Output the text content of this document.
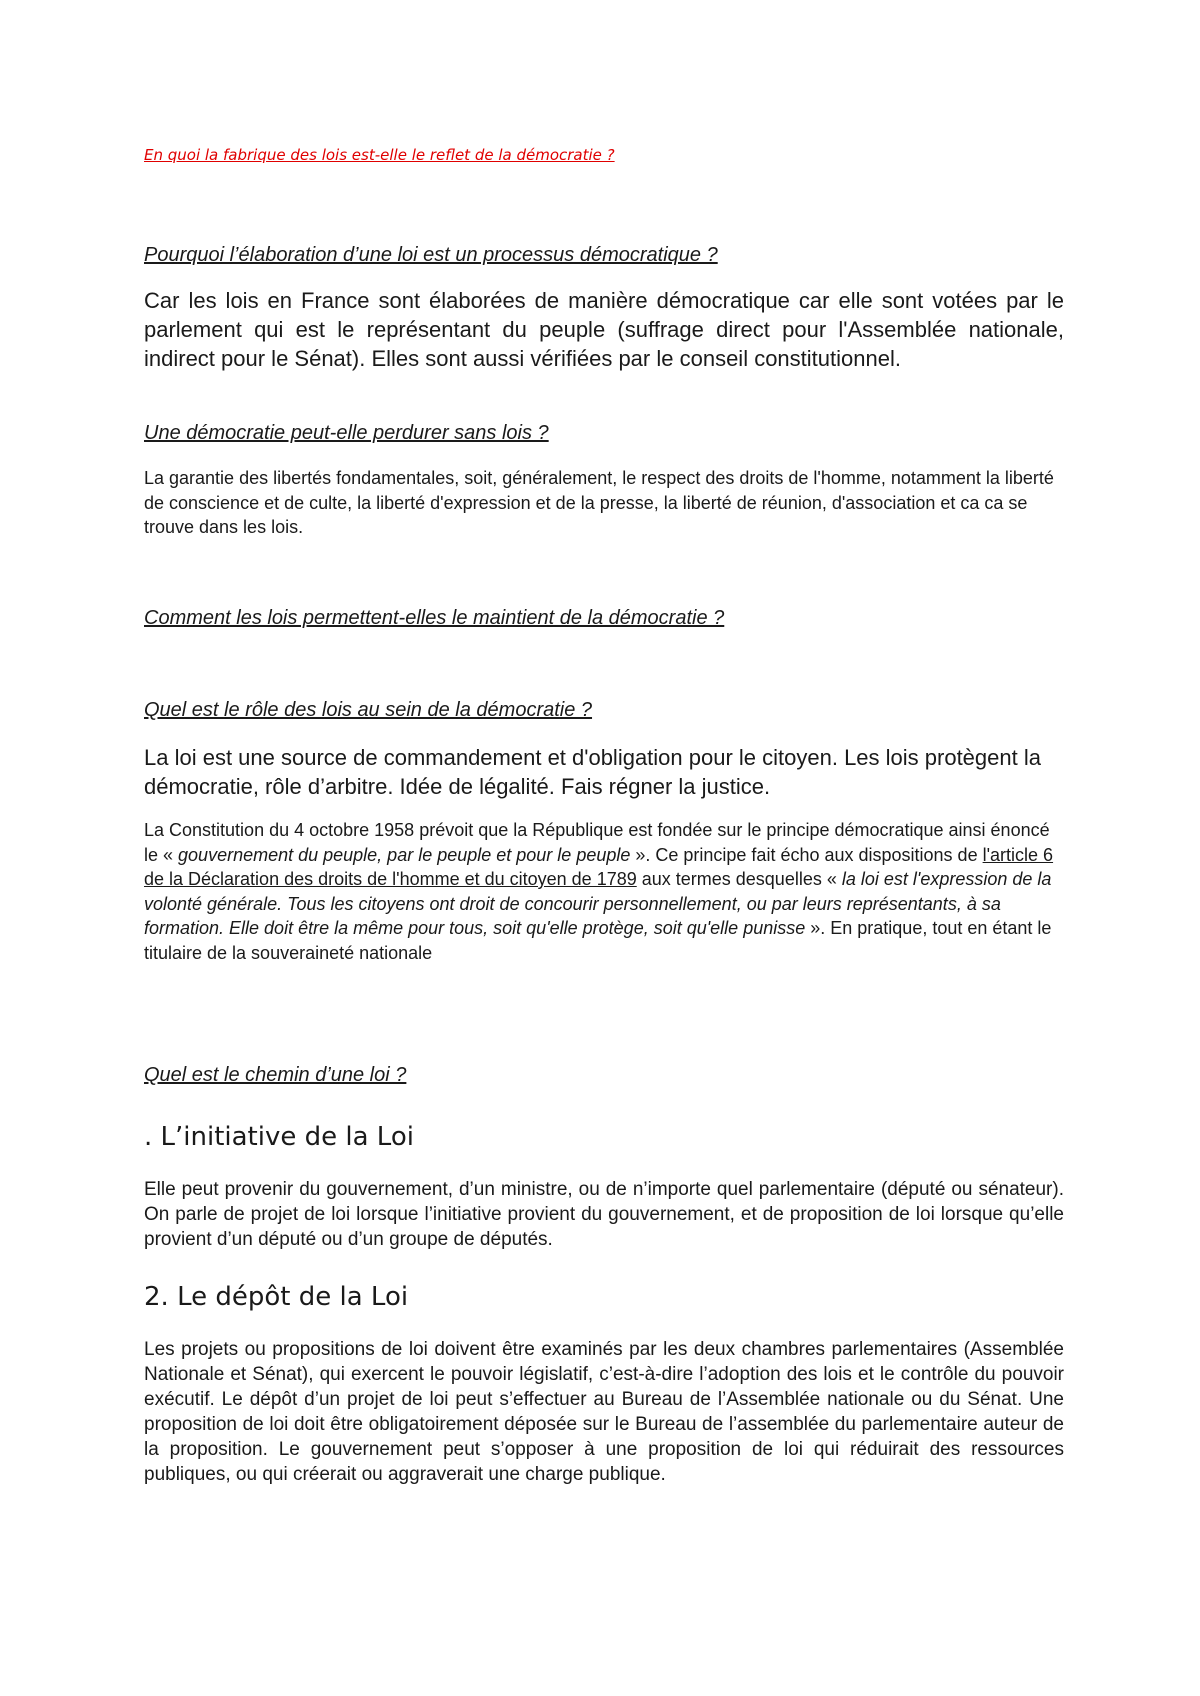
En quoi la fabrique des lois est-elle le reflet de la démocratie ?

Pourquoi l’élaboration d’une loi est un processus démocratique ?

Car les lois en France sont élaborées de manière démocratique car elle sont votées par le parlement qui est le représentant du peuple (suffrage direct pour l'Assemblée nationale, indirect pour le Sénat). Elles sont aussi vérifiées par le conseil constitutionnel.

Une démocratie peut-elle perdurer sans lois ?

La garantie des libertés fondamentales, soit, généralement, le respect des droits de l'homme, notamment la liberté de conscience et de culte, la liberté d'expression et de la presse, la liberté de réunion, d'association et ca ca se trouve dans les lois.

Comment les lois permettent-elles le maintient de la démocratie ?

Quel est le rôle des lois au sein de la démocratie ?

La loi est une source de commandement et d'obligation pour le citoyen. Les lois protègent la démocratie, rôle d’arbitre. Idée de légalité. Fais régner la justice.

La Constitution du 4 octobre 1958 prévoit que la République est fondée sur le principe démocratique ainsi énoncé le « gouvernement du peuple, par le peuple et pour le peuple ». Ce principe fait écho aux dispositions de l'article 6 de la Déclaration des droits de l'homme et du citoyen de 1789 aux termes desquelles « la loi est l'expression de la volonté générale. Tous les citoyens ont droit de concourir personnellement, ou par leurs représentants, à sa formation. Elle doit être la même pour tous, soit qu'elle protège, soit qu'elle punisse ». En pratique, tout en étant le titulaire de la souveraineté nationale

Quel est le chemin d’une loi ?

. L’initiative de la Loi

Elle peut provenir du gouvernement, d’un ministre, ou de n’importe quel parlementaire (député ou sénateur). On parle de projet de loi lorsque l’initiative provient du gouvernement, et de proposition de loi lorsque qu’elle provient d’un député ou d’un groupe de députés.

2. Le dépôt de la Loi

Les projets ou propositions de loi doivent être examinés par les deux chambres parlementaires (Assemblée Nationale et Sénat), qui exercent le pouvoir législatif, c’est-à-dire l’adoption des lois et le contrôle du pouvoir exécutif. Le dépôt d’un projet de loi peut s’effectuer au Bureau de l’Assemblée nationale ou du Sénat. Une proposition de loi doit être obligatoirement déposée sur le Bureau de l’assemblée du parlementaire auteur de la proposition. Le gouvernement peut s’opposer à une proposition de loi qui réduirait des ressources publiques, ou qui créerait ou aggraverait une charge publique.
